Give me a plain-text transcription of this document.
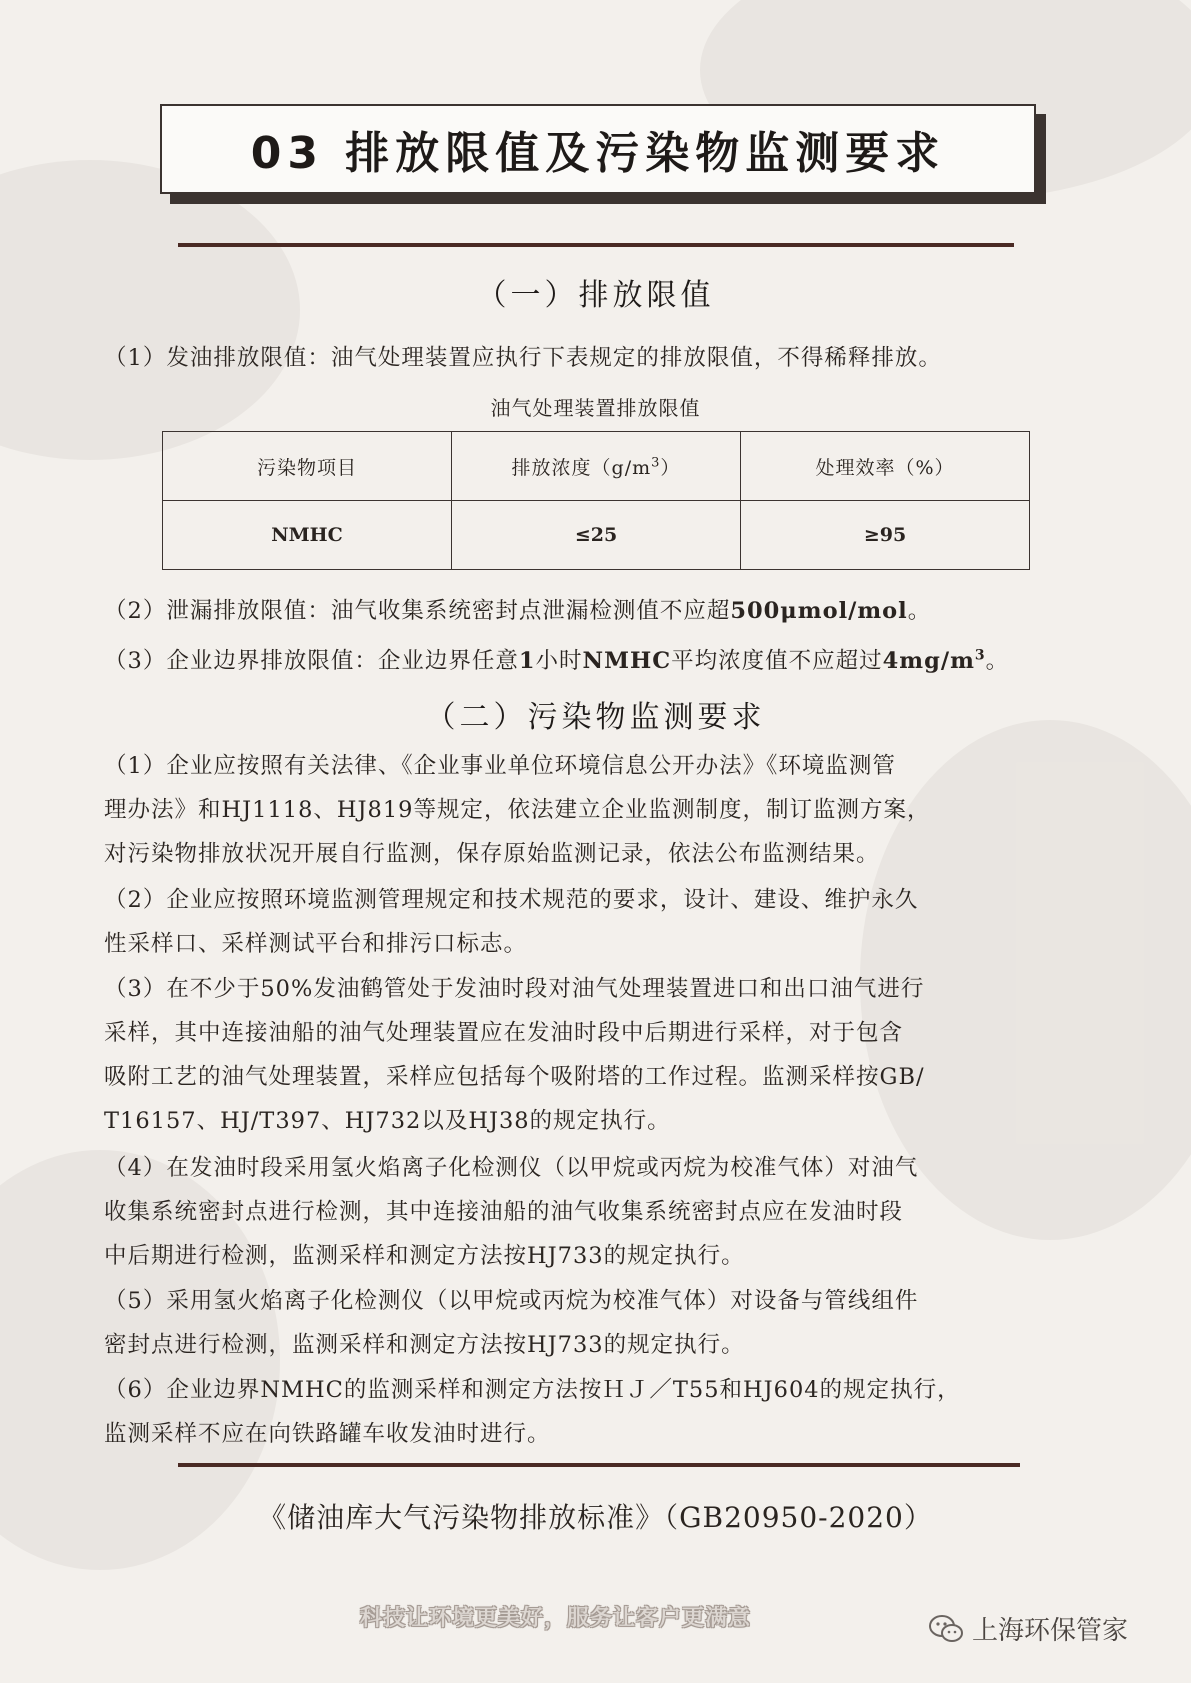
03 排放限值及污染物监测要求
（一）排放限值
（1）发油排放限值：油气处理装置应执行下表规定的排放限值，不得稀释排放。
油气处理装置排放限值
污染物项目	排放浓度$(g/m^3)$	处理效率（%）
NMHC	≤25	≥95
（2）泄漏排放限值：油气收集系统密封点泄漏检测值不应超500μmol/mol。
（3）企业边界排放限值：企业边界任意1小时NMHC平均浓度值不应超过$4mg/m^3$。
（二）污染物监测要求
（1）企业应按照有关法律、《企业事业单位环境信息公开办法》《环境监测管
理办法》和HJ1118、HJ819等规定，依法建立企业监测制度，制订监测方案，
对污染物排放状况开展自行监测，保存原始监测记录，依法公布监测结果。
（2）企业应按照环境监测管理规定和技术规范的要求，设计、建设、维护永久
性采样口、采样测试平台和排污口标志。
（3）在不少于50%发油鹤管处于发油时段对油气处理装置进口和出口油气进行
采样，其中连接油船的油气处理装置应在发油时段中后期进行采样，对于包含
吸附工艺的油气处理装置，采样应包括每个吸附塔的工作过程。监测采样按GB/
T16157、HJ/T397、HJ732以及HJ38的规定执行。
（4）在发油时段采用氢火焰离子化检测仪（以甲烷或丙烷为校准气体）对油气
收集系统密封点进行检测，其中连接油船的油气收集系统密封点应在发油时段
中后期进行检测，监测采样和测定方法按HJ733的规定执行。
（5）采用氢火焰离子化检测仪（以甲烷或丙烷为校准气体）对设备与管线组件
密封点进行检测，监测采样和测定方法按HJ733的规定执行。
（6）企业边界NMHC的监测采样和测定方法按ＨＪ／T55和HJ604的规定执行，
监测采样不应在向铁路罐车收发油时进行。
《储油库大气污染物排放标准》（GB20950-2020）
科技让环境更美好，服务让客户更满意	上海环保管家
